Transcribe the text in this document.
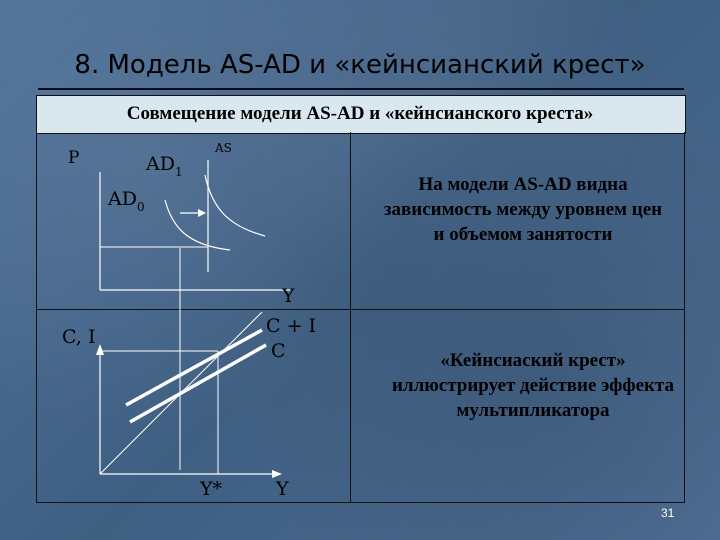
8. Модель AS-AD и «кейнсианский крест»
Совмещение модели AS-AD и «кейнсианского креста»
P	$AD_1$
AS
$AD_0$
Y
C, I	C + I
C
Y*	Y
На модели AS-AD видна зависимость между уровнем цен и объемом занятости
«Кейнсиаский крест» иллюстрирует действие эффекта мультипликатора
31
